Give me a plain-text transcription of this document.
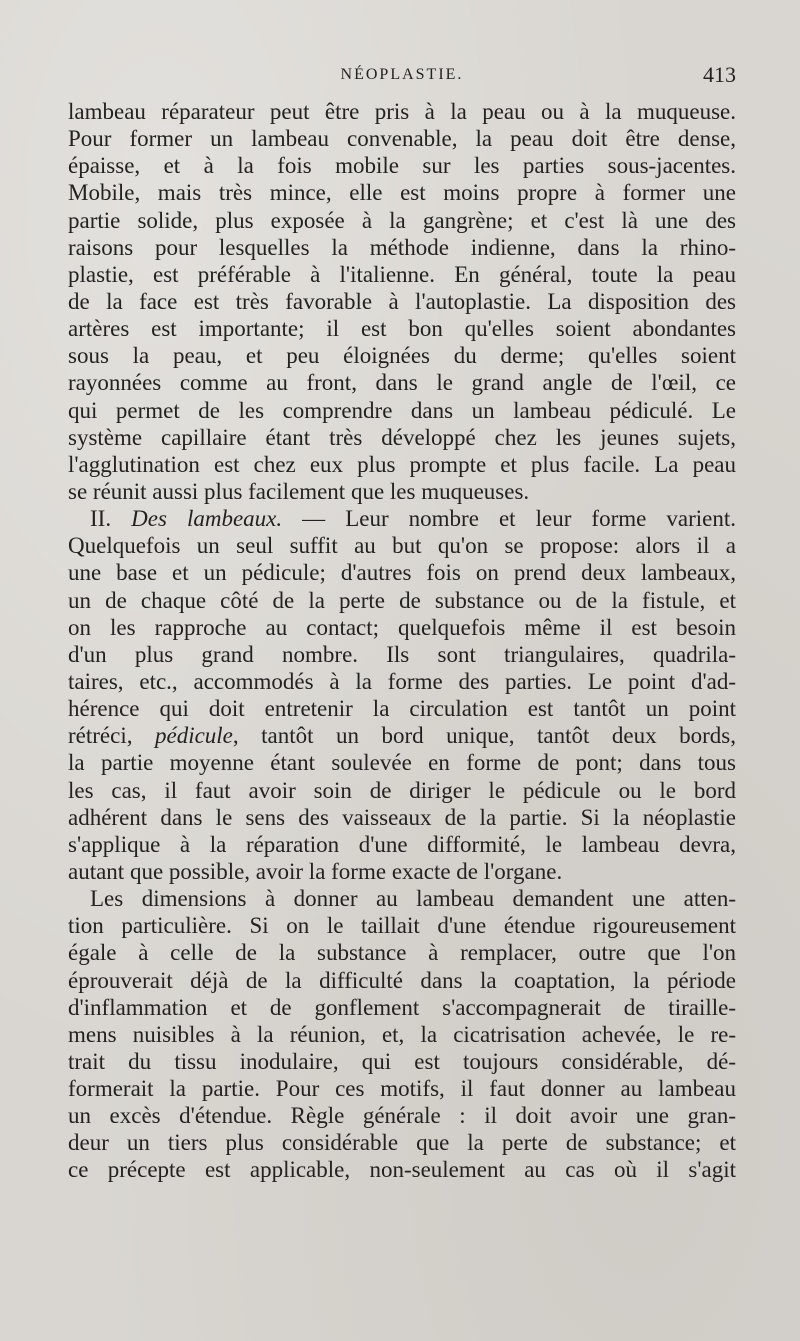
NÉOPLASTIE.	413
lambeau réparateur peut être pris à la peau ou à la muqueuse.
Pour former un lambeau convenable, la peau doit être dense,
épaisse, et à la fois mobile sur les parties sous-jacentes.
Mobile, mais très mince, elle est moins propre à former une
partie solide, plus exposée à la gangrène; et c'est là une des
raisons pour lesquelles la méthode indienne, dans la rhino-
plastie, est préférable à l'italienne. En général, toute la peau
de la face est très favorable à l'autoplastie. La disposition des
artères est importante; il est bon qu'elles soient abondantes
sous la peau, et peu éloignées du derme; qu'elles soient
rayonnées comme au front, dans le grand angle de l'œil, ce
qui permet de les comprendre dans un lambeau pédiculé. Le
système capillaire étant très développé chez les jeunes sujets,
l'agglutination est chez eux plus prompte et plus facile. La peau
se réunit aussi plus facilement que les muqueuses.
II. Des lambeaux. — Leur nombre et leur forme varient.
Quelquefois un seul suffit au but qu'on se propose: alors il a
une base et un pédicule; d'autres fois on prend deux lambeaux,
un de chaque côté de la perte de substance ou de la fistule, et
on les rapproche au contact; quelquefois même il est besoin
d'un plus grand nombre. Ils sont triangulaires, quadrila-
taires, etc., accommodés à la forme des parties. Le point d'ad-
hérence qui doit entretenir la circulation est tantôt un point
rétréci, pédicule, tantôt un bord unique, tantôt deux bords,
la partie moyenne étant soulevée en forme de pont; dans tous
les cas, il faut avoir soin de diriger le pédicule ou le bord
adhérent dans le sens des vaisseaux de la partie. Si la néoplastie
s'applique à la réparation d'une difformité, le lambeau devra,
autant que possible, avoir la forme exacte de l'organe.
Les dimensions à donner au lambeau demandent une atten-
tion particulière. Si on le taillait d'une étendue rigoureusement
égale à celle de la substance à remplacer, outre que l'on
éprouverait déjà de la difficulté dans la coaptation, la période
d'inflammation et de gonflement s'accompagnerait de tiraille-
mens nuisibles à la réunion, et, la cicatrisation achevée, le re-
trait du tissu inodulaire, qui est toujours considérable, dé-
formerait la partie. Pour ces motifs, il faut donner au lambeau
un excès d'étendue. Règle générale : il doit avoir une gran-
deur un tiers plus considérable que la perte de substance; et
ce précepte est applicable, non-seulement au cas où il s'agit
